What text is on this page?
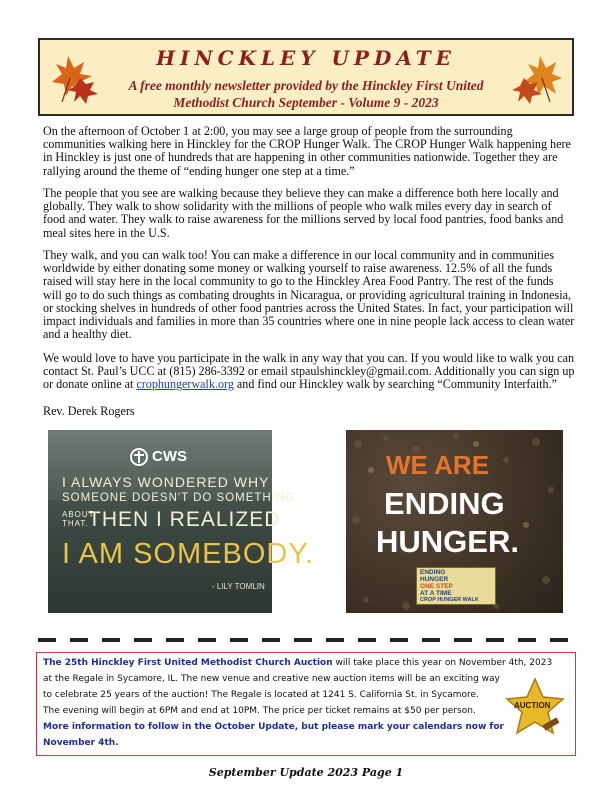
HINCKLEY UPDATE
A free monthly newsletter provided by the Hinckley First United
Methodist Church September - Volume 9 - 2023

On the afternoon of October 1 at 2:00, you may see a large group of people from the surrounding communities walking here in Hinckley for the CROP Hunger Walk. The CROP Hunger Walk happening here in Hinckley is just one of hundreds that are happening in other communities nationwide. Together they are rallying around the theme of “ending hunger one step at a time.”

The people that you see are walking because they believe they can make a difference both here locally and globally. They walk to show solidarity with the millions of people who walk miles every day in search of food and water. They walk to raise awareness for the millions served by local food pantries, food banks and meal sites here in the U.S.

They walk, and you can walk too! You can make a difference in our local community and in communities worldwide by either donating some money or walking yourself to raise awareness. 12.5% of all the funds raised will stay here in the local community to go to the Hinckley Area Food Pantry. The rest of the funds will go to do such things as combating droughts in Nicaragua, or providing agricultural training in Indonesia, or stocking shelves in hundreds of other food pantries across the United States. In fact, your participation will impact individuals and families in more than 35 countries where one in nine people lack access to clean water and a healthy diet.

We would love to have you participate in the walk in any way that you can. If you would like to walk you can contact St. Paul’s UCC at (815) 286-3392 or email stpaulshinckley@gmail.com. Additionally you can sign up or donate online at crophungerwalk.org and find our Hinckley walk by searching “Community Interfaith.”

Rev. Derek Rogers

CWS
I ALWAYS WONDERED WHY
SOMEONE DOESN'T DO SOMETHING
ABOUT
THAT. THEN I REALIZED
I AM SOMEBODY.
- LILY TOMLIN
WE ARE
ENDING
HUNGER.
ENDING
HUNGER
ONE STEP
AT A TIME
CROP HUNGER WALK
The 25th Hinckley First United Methodist Church Auction will take place this year on November 4th, 2023
at the Regale in Sycamore, IL. The new venue and creative new auction items will be an exciting way
to celebrate 25 years of the auction! The Regale is located at 1241 S. California St. in Sycamore.
The evening will begin at 6PM and end at 10PM. The price per ticket remains at $50 per person.
More information to follow in the October Update, but please mark your calendars now for
November 4th.
AUCTION
September Update 2023 Page 1
